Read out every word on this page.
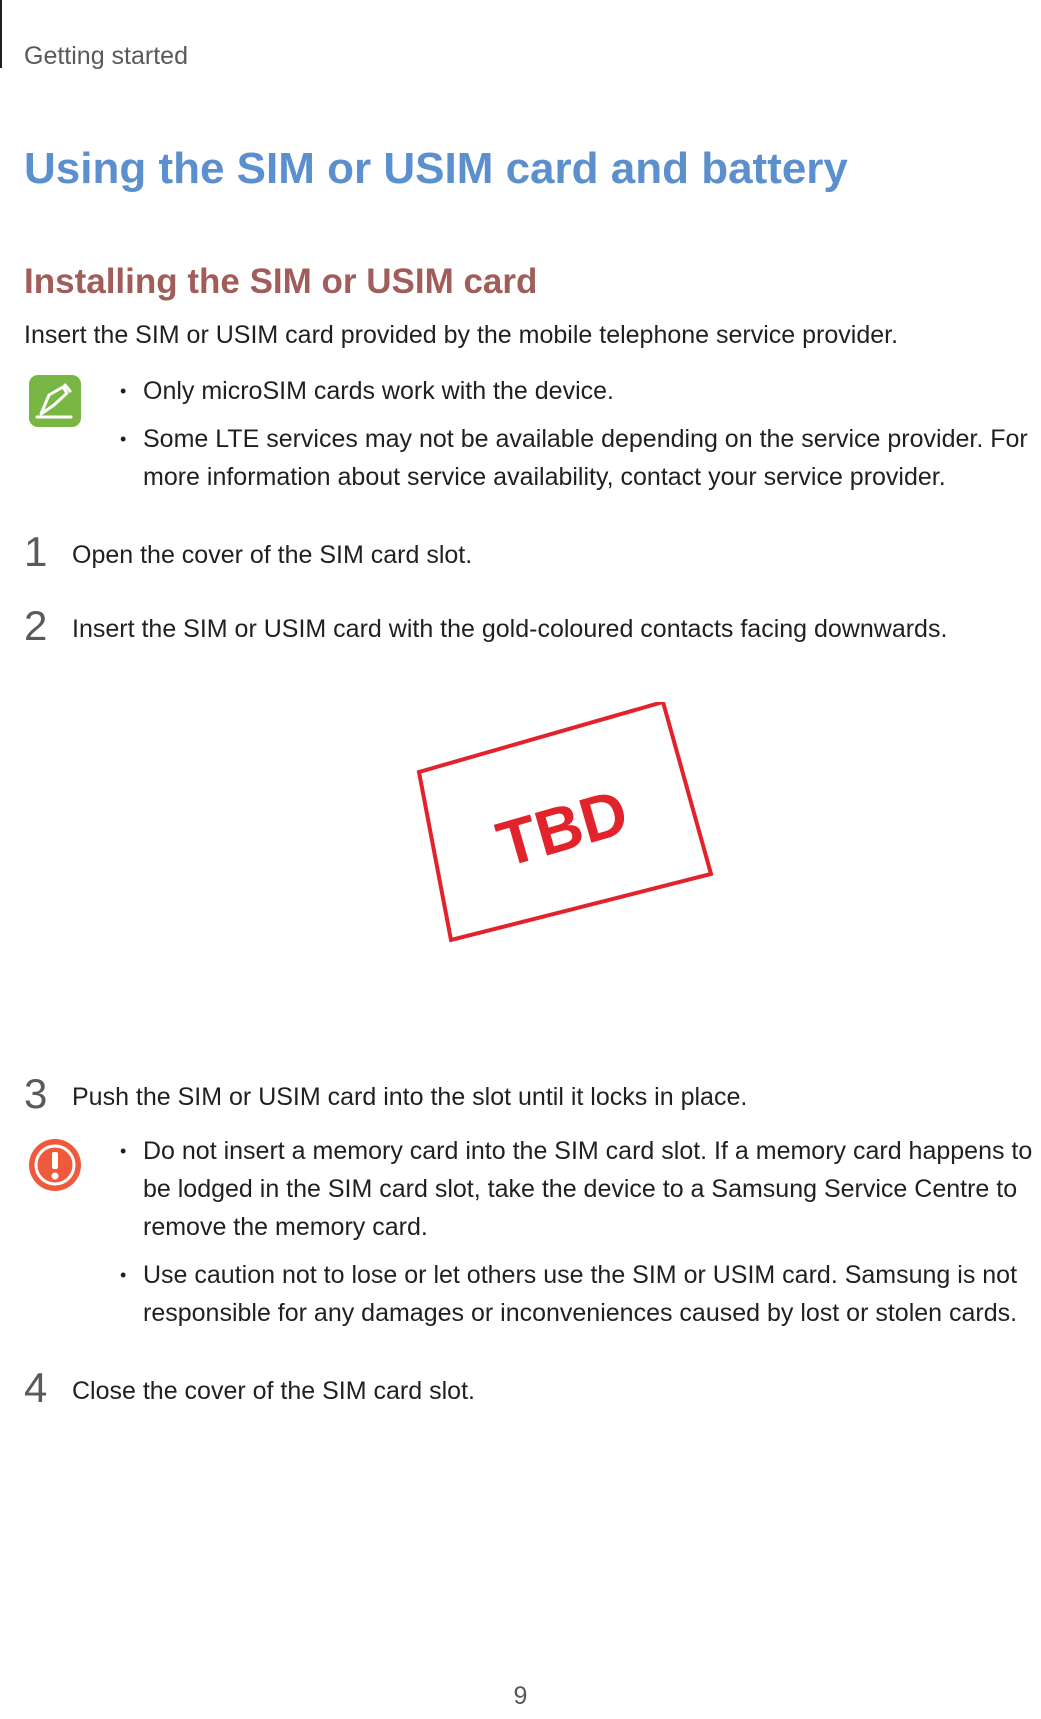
Getting started
Using the SIM or USIM card and battery
Installing the SIM or USIM card
Insert the SIM or USIM card provided by the mobile telephone service provider.
• Only microSIM cards work with the device.
• Some LTE services may not be available depending on the service provider. For more information about service availability, contact your service provider.
1 Open the cover of the SIM card slot.
2 Insert the SIM or USIM card with the gold-coloured contacts facing downwards.
TBD
3 Push the SIM or USIM card into the slot until it locks in place.
• Do not insert a memory card into the SIM card slot. If a memory card happens to be lodged in the SIM card slot, take the device to a Samsung Service Centre to remove the memory card.
• Use caution not to lose or let others use the SIM or USIM card. Samsung is not responsible for any damages or inconveniences caused by lost or stolen cards.
4 Close the cover of the SIM card slot.
9
